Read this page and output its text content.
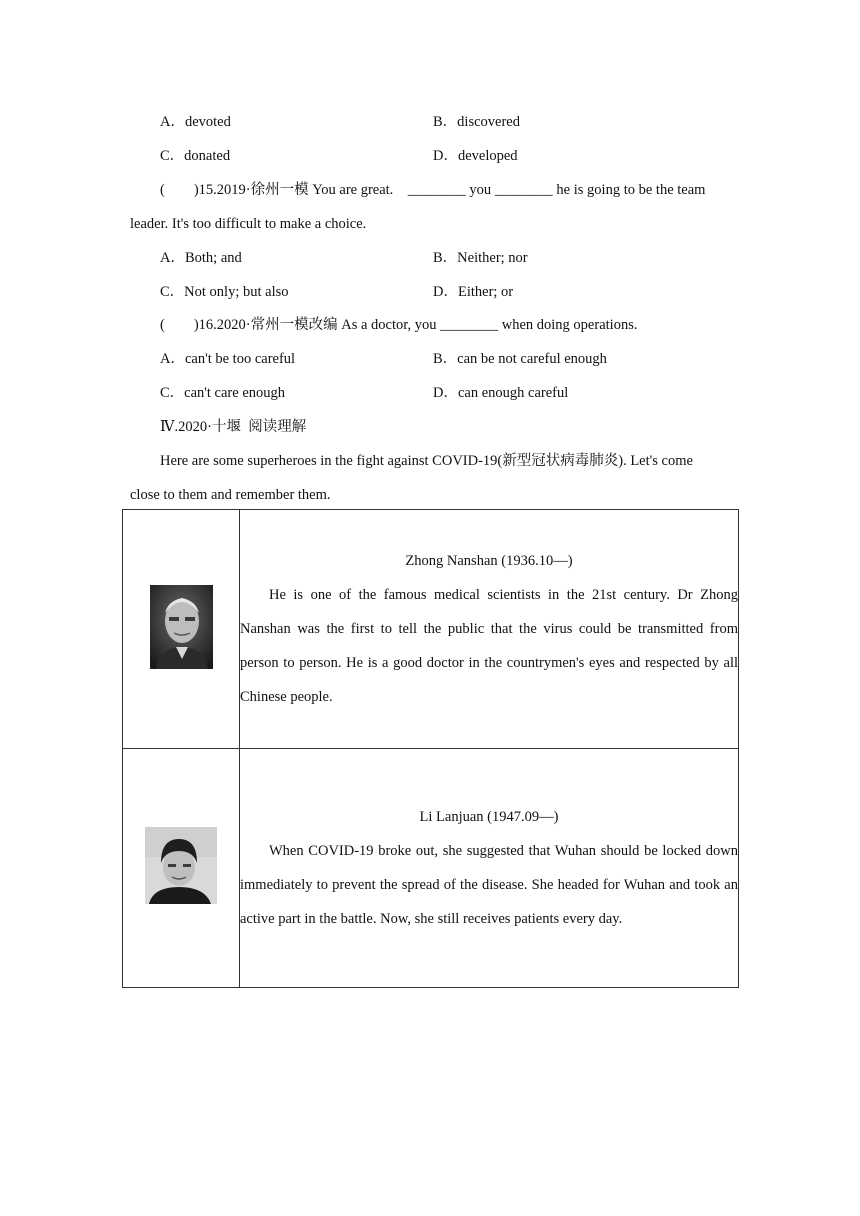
A．devoted	B．discovered
C．donated	D．developed
(        )15.2019·徐州一模 You are great.    ________ you ________ he is going to be the team
leader. It's too difficult to make a choice.
A．Both; and	B．Neither; nor
C．Not only; but also	D．Either; or
(        )16.2020·常州一模改编 As a doctor, you ________ when doing operations.
A．can't be too careful	B．can be not careful enough
C．can't care enough	D．can enough careful
Ⅳ.2020·十堰  阅读理解
Here are some superheroes in the fight against COVID-19(新型冠状病毒肺炎). Let's come
close to them and remember them.

Zhong Nanshan (1936.10—)
He is one of the famous medical scientists in the 21st century. Dr Zhong Nanshan was the first to tell the public that the virus could be transmitted from person to person. He is a good doctor in the countrymen's eyes and respected by all Chinese people.

Li Lanjuan (1947.09—)
When COVID-19 broke out, she suggested that Wuhan should be locked down immediately to prevent the spread of the disease. She headed for Wuhan and took an active part in the battle. Now, she still receives patients every day.
